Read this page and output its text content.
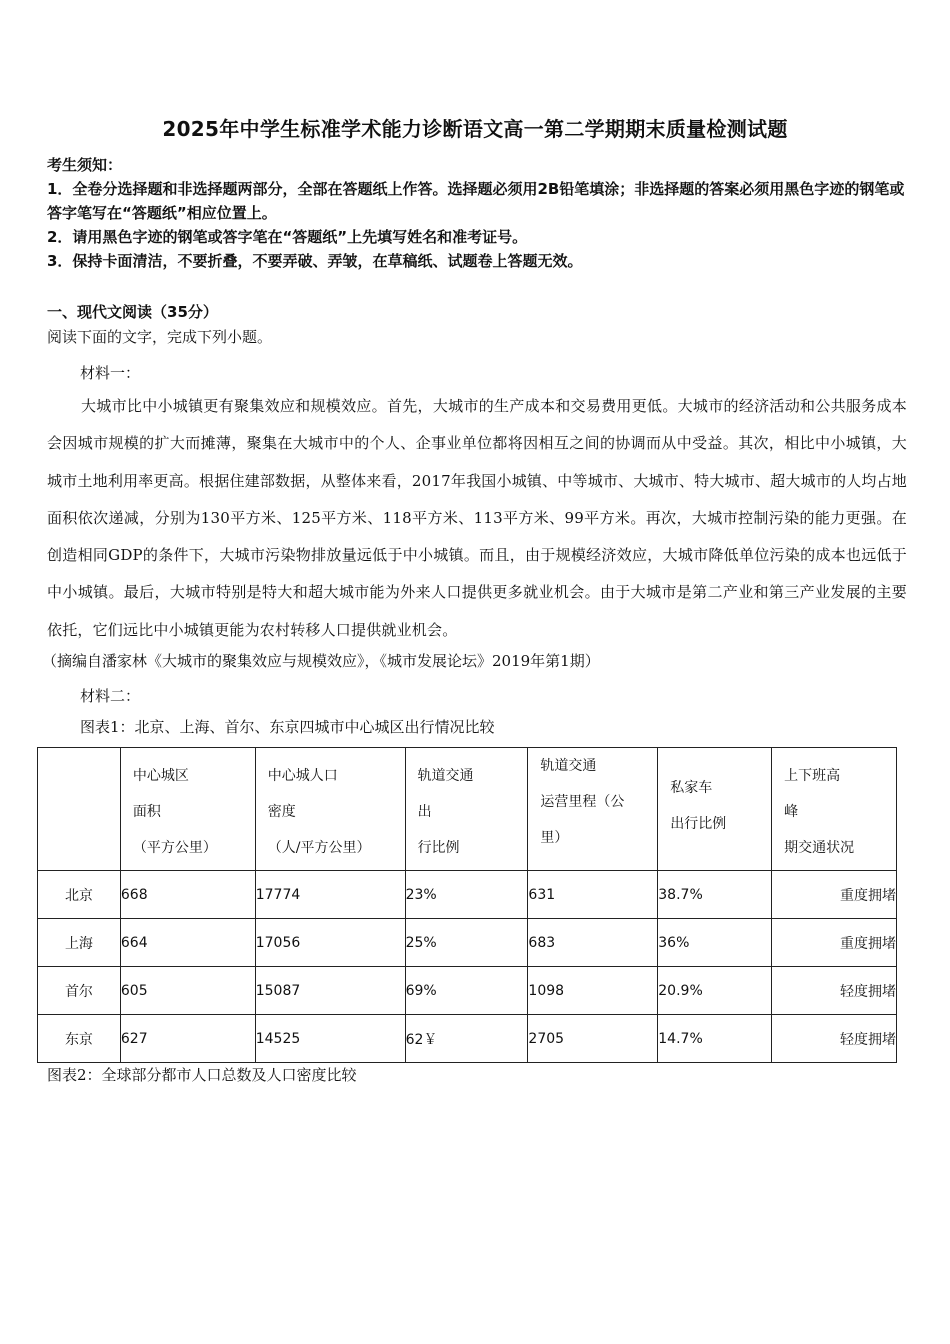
2025年中学生标准学术能力诊断语文高一第二学期期末质量检测试题

考生须知：

1．全卷分选择题和非选择题两部分，全部在答题纸上作答。选择题必须用2B铅笔填涂；非选择题的答案必须用黑色字迹的钢笔或答字笔写在“答题纸”相应位置上。

2．请用黑色字迹的钢笔或答字笔在“答题纸”上先填写姓名和准考证号。

3．保持卡面清洁，不要折叠，不要弄破、弄皱，在草稿纸、试题卷上答题无效。

一、现代文阅读（35分）
阅读下面的文字，完成下列小题。
材料一：

大城市比中小城镇更有聚集效应和规模效应。首先，大城市的生产成本和交易费用更低。大城市的经济活动和公共服务成本会因城市规模的扩大而摊薄，聚集在大城市中的个人、企事业单位都将因相互之间的协调而从中受益。其次，相比中小城镇，大城市土地利用率更高。根据住建部数据，从整体来看，2017年我国小城镇、中等城市、大城市、特大城市、超大城市的人均占地面积依次递减，分别为130平方米、125平方米、118平方米、113平方米、99平方米。再次，大城市控制污染的能力更强。在创造相同GDP的条件下，大城市污染物排放量远低于中小城镇。而且，由于规模经济效应，大城市降低单位污染的成本也远低于中小城镇。最后，大城市特别是特大和超大城市能为外来人口提供更多就业机会。由于大城市是第二产业和第三产业发展的主要依托，它们远比中小城镇更能为农村转移人口提供就业机会。

（摘编自潘家林《大城市的聚集效应与规模效应》，《城市发展论坛》2019年第1期）
材料二：
图表1：北京、上海、首尔、东京四城市中心城区出行情况比较

	中心城区
面积
（平方公里）	中心城人口
密度
（人/平方公里）	轨道交通
出
行比例	轨道交通
运营里程（公
里）	私家车
出行比例	上下班高
峰
期交通状况

北京	668	17774	23%	631	38.7%	重度拥堵
上海	664	17056	25%	683	36%	重度拥堵
首尔	605	15087	69%	1098	20.9%	轻度拥堵
东京	627	14525	62￥	2705	14.7%	轻度拥堵
图表2：全球部分都市人口总数及人口密度比较
